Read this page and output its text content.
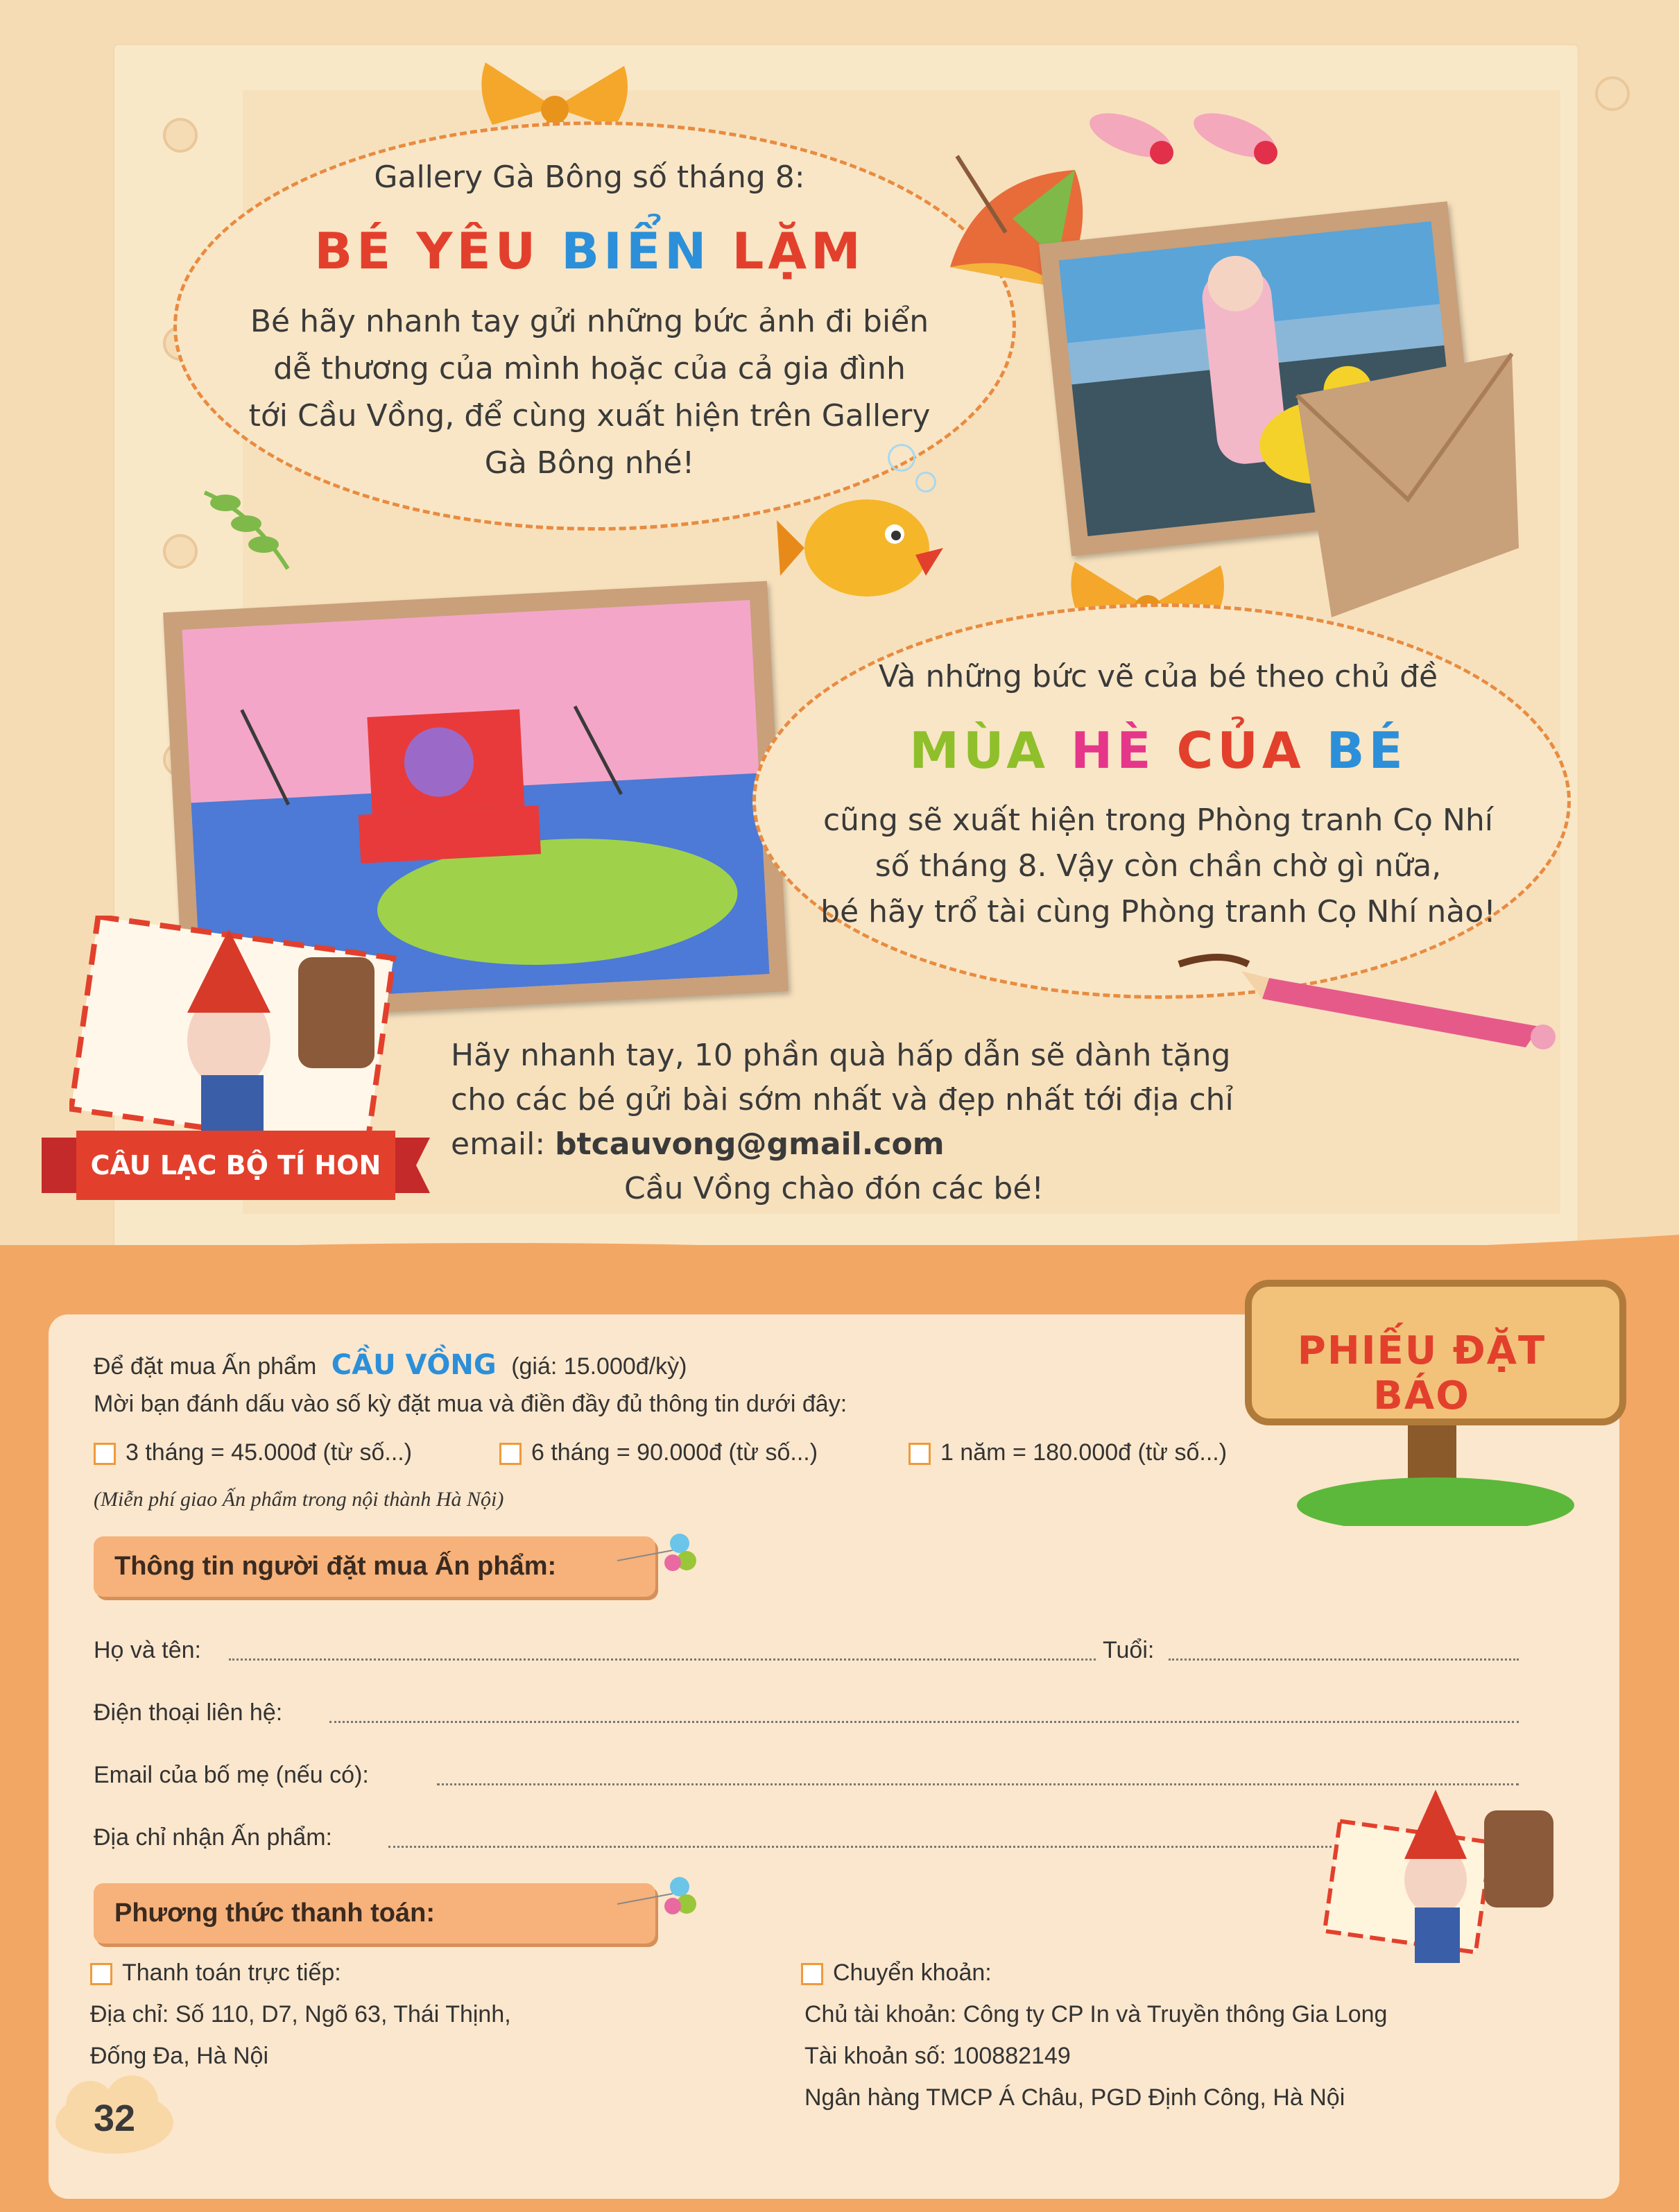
Gallery Gà Bông số tháng 8:
BÉ YÊU BIỂN LẶM
Bé hãy nhanh tay gửi những bức ảnh đi biển
dễ thương của mình hoặc của cả gia đình
tới Cầu Vồng, để cùng xuất hiện trên Gallery
Gà Bông nhé!
Và những bức vẽ của bé theo chủ đề
MÙA HÈ CỦA BÉ
cũng sẽ xuất hiện trong Phòng tranh Cọ Nhí
số tháng 8. Vậy còn chần chờ gì nữa,
bé hãy trổ tài cùng Phòng tranh Cọ Nhí nào!
CÂU LẠC BỘ TÍ HON
Hãy nhanh tay, 10 phần quà hấp dẫn sẽ dành tặng
cho các bé gửi bài sớm nhất và đẹp nhất tới địa chỉ
email: btcauvong@gmail.com
Cầu Vồng chào đón các bé!
PHIẾU ĐẶT BÁO
Để đặt mua Ấn phẩm CẦU VỒNG (giá: 15.000đ/kỳ)
Mời bạn đánh dấu vào số kỳ đặt mua và điền đầy đủ thông tin dưới đây:
3 tháng = 45.000đ (từ số...)	6 tháng = 90.000đ (từ số...)	1 năm = 180.000đ (từ số...)
(Miễn phí giao Ấn phẩm trong nội thành Hà Nội)
Thông tin người đặt mua Ấn phẩm:
Họ và tên:	Tuổi:
Điện thoại liên hệ:
Email của bố mẹ (nếu có):
Địa chỉ nhận Ấn phẩm:
Phương thức thanh toán:
Thanh toán trực tiếp:
Địa chỉ: Số 110, D7, Ngõ 63, Thái Thịnh,
Đống Đa, Hà Nội
Chuyển khoản:
Chủ tài khoản: Công ty CP In và Truyền thông Gia Long
Tài khoản số: 100882149
Ngân hàng TMCP Á Châu, PGD Định Công, Hà Nội
32
